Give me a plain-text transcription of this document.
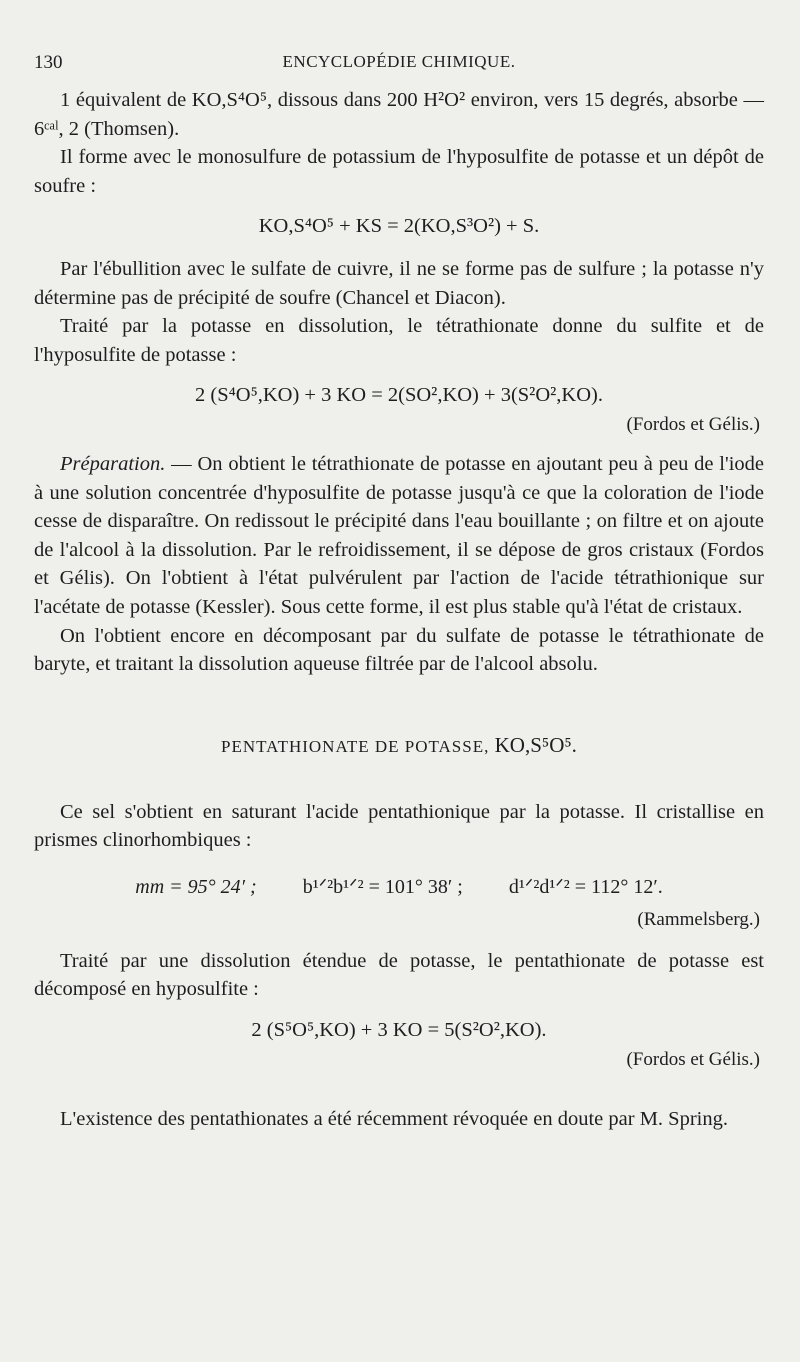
130	ENCYCLOPÉDIE CHIMIQUE.

1 équivalent de KO,S⁴O⁵, dissous dans 200 H²O² environ, vers 15 degrés, absorbe — 6ᶜᵃˡ, 2 (Thomsen).

Il forme avec le monosulfure de potassium de l'hyposulfite de potasse et un dépôt de soufre :

KO,S⁴O⁵ + KS = 2(KO,S³O²) + S.

Par l'ébullition avec le sulfate de cuivre, il ne se forme pas de sulfure ; la potasse n'y détermine pas de précipité de soufre (Chancel et Diacon).

Traité par la potasse en dissolution, le tétrathionate donne du sulfite et de l'hyposulfite de potasse :

2 (S⁴O⁵,KO) + 3 KO = 2(SO²,KO) + 3(S²O²,KO).
(Fordos et Gélis.)

Préparation. — On obtient le tétrathionate de potasse en ajoutant peu à peu de l'iode à une solution concentrée d'hyposulfite de potasse jusqu'à ce que la coloration de l'iode cesse de disparaître. On redissout le précipité dans l'eau bouillante ; on filtre et on ajoute de l'alcool à la dissolution. Par le refroidissement, il se dépose de gros cristaux (Fordos et Gélis). On l'obtient à l'état pulvérulent par l'action de l'acide tétrathionique sur l'acétate de potasse (Kessler). Sous cette forme, il est plus stable qu'à l'état de cristaux.

On l'obtient encore en décomposant par du sulfate de potasse le tétrathionate de baryte, et traitant la dissolution aqueuse filtrée par de l'alcool absolu.

PENTATHIONATE DE POTASSE, KO,S⁵O⁵.

Ce sel s'obtient en saturant l'acide pentathionique par la potasse. Il cristallise en prismes clinorhombiques :

mm = 95° 24′ ; b¹ᐟ²b¹ᐟ² = 101° 38′ ; d¹ᐟ²d¹ᐟ² = 112° 12′.
(Rammelsberg.)

Traité par une dissolution étendue de potasse, le pentathionate de potasse est décomposé en hyposulfite :

2 (S⁵O⁵,KO) + 3 KO = 5(S²O²,KO).
(Fordos et Gélis.)

L'existence des pentathionates a été récemment révoquée en doute par M. Spring.
